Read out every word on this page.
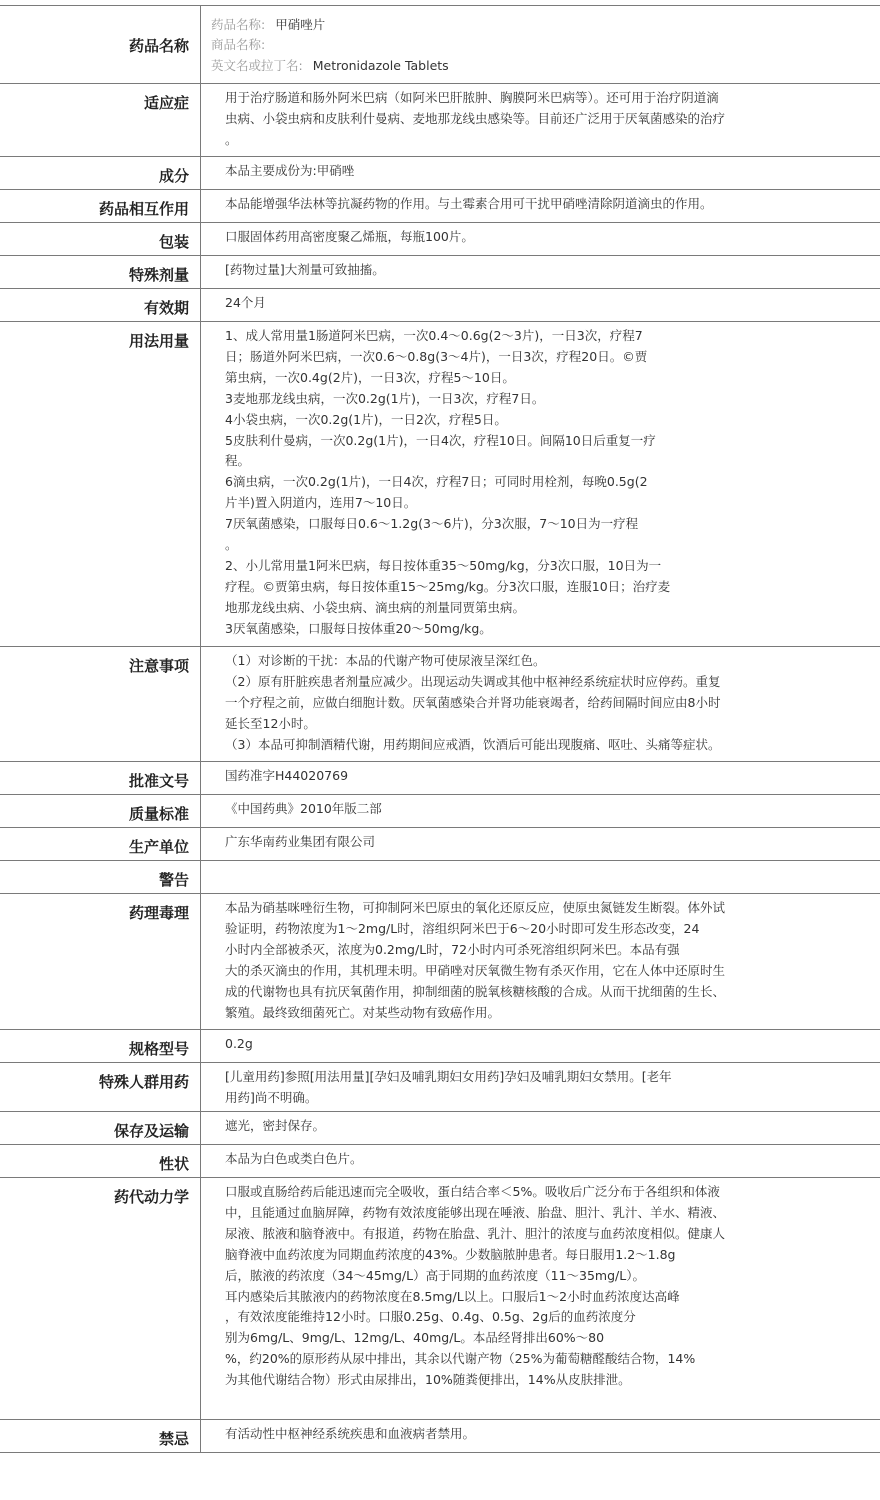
药品名称
药品名称: 甲硝唑片
商品名称:
英文名或拉丁名: Metronidazole Tablets
适应症	用于治疗肠道和肠外阿米巴病（如阿米巴肝脓肿、胸膜阿米巴病等）。还可用于治疗阴道滴
虫病、小袋虫病和皮肤利什曼病、麦地那龙线虫感染等。目前还广泛用于厌氧菌感染的治疗
。
成分	本品主要成份为:甲硝唑
药品相互作用	本品能增强华法林等抗凝药物的作用。与土霉素合用可干扰甲硝唑清除阴道滴虫的作用。
包装	口服固体药用高密度聚乙烯瓶，每瓶100片。
特殊剂量	[药物过量]大剂量可致抽搐。
有效期	24个月
用法用量	1、成人常用量1肠道阿米巴病，一次0.4～0.6g(2～3片)，一日3次，疗程7
日；肠道外阿米巴病，一次0.6～0.8g(3～4片)，一日3次，疗程20日。©贾
第虫病，一次0.4g(2片)，一日3次，疗程5～10日。
3麦地那龙线虫病，一次0.2g(1片)，一日3次，疗程7日。
4小袋虫病，一次0.2g(1片)，一日2次，疗程5日。
5皮肤利什曼病，一次0.2g(1片)，一日4次，疗程10日。间隔10日后重复一疗
程。
6滴虫病，一次0.2g(1片)，一日4次，疗程7日；可同时用栓剂，每晚0.5g(2
片半)置入阴道内，连用7～10日。
7厌氧菌感染，口服每日0.6～1.2g(3～6片)，分3次服，7～10日为一疗程
。
2、小儿常用量1阿米巴病，每日按体重35～50mg/kg，分3次口服，10日为一
疗程。©贾第虫病，每日按体重15～25mg/kg。分3次口服，连服10日；治疗麦
地那龙线虫病、小袋虫病、滴虫病的剂量同贾第虫病。
3厌氧菌感染，口服每日按体重20～50mg/kg。
注意事项	（1）对诊断的干扰：本品的代谢产物可使尿液呈深红色。
（2）原有肝脏疾患者剂量应减少。出现运动失调或其他中枢神经系统症状时应停药。重复
一个疗程之前，应做白细胞计数。厌氧菌感染合并肾功能衰竭者，给药间隔时间应由8小时
延长至12小时。
（3）本品可抑制酒精代谢，用药期间应戒酒，饮酒后可能出现腹痛、呕吐、头痛等症状。
批准文号	国药准字H44020769
质量标准	《中国药典》2010年版二部
生产单位	广东华南药业集团有限公司
警告
药理毒理	本品为硝基咪唑衍生物，可抑制阿米巴原虫的氧化还原反应，使原虫氮链发生断裂。体外试
验证明，药物浓度为1～2mg/L时，溶组织阿米巴于6～20小时即可发生形态改变，24
小时内全部被杀灭，浓度为0.2mg/L时，72小时内可杀死溶组织阿米巴。本品有强
大的杀灭滴虫的作用，其机理未明。甲硝唑对厌氧微生物有杀灭作用，它在人体中还原时生
成的代谢物也具有抗厌氧菌作用，抑制细菌的脱氧核糖核酸的合成。从而干扰细菌的生长、
繁殖。最终致细菌死亡。对某些动物有致癌作用。
规格型号	0.2g
特殊人群用药	[儿童用药]参照[用法用量][孕妇及哺乳期妇女用药]孕妇及哺乳期妇女禁用。[老年
用药]尚不明确。
保存及运输	遮光，密封保存。
性状	本品为白色或类白色片。
药代动力学	口服或直肠给药后能迅速而完全吸收，蛋白结合率＜5%。吸收后广泛分布于各组织和体液
中，且能通过血脑屏障，药物有效浓度能够出现在唾液、胎盘、胆汁、乳汁、羊水、精液、
尿液、脓液和脑脊液中。有报道，药物在胎盘、乳汁、胆汁的浓度与血药浓度相似。健康人
脑脊液中血药浓度为同期血药浓度的43%。少数脑脓肿患者。每日服用1.2～1.8g
后，脓液的药浓度（34～45mg/L）高于同期的血药浓度（11～35mg/L）。
耳内感染后其脓液内的药物浓度在8.5mg/L以上。口服后1～2小时血药浓度达高峰
，有效浓度能维持12小时。口服0.25g、0.4g、0.5g、2g后的血药浓度分
别为6mg/L、9mg/L、12mg/L、40mg/L。本品经肾排出60%～80
%，约20%的原形药从尿中排出，其余以代谢产物（25%为葡萄糖醛酸结合物，14%
为其他代谢结合物）形式由尿排出，10%随粪便排出，14%从皮肤排泄。
禁忌	有活动性中枢神经系统疾患和血液病者禁用。
